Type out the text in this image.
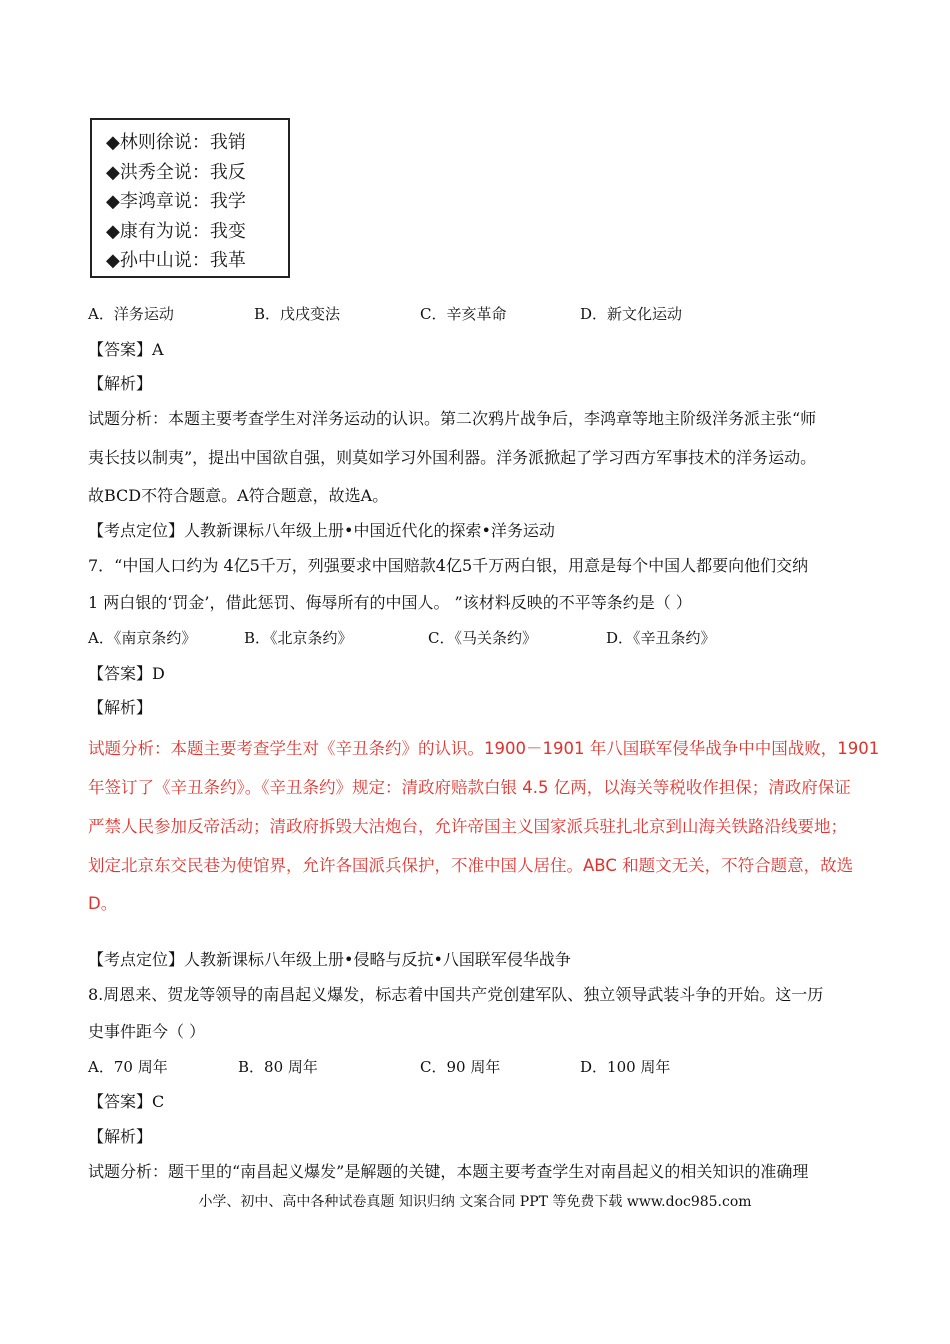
◆林则徐说：我销
◆洪秀全说：我反
◆李鸿章说：我学
◆康有为说：我变
◆孙中山说：我革
A．洋务运动	B．戊戌变法	C．辛亥革命	D．新文化运动
【答案】A
【解析】
试题分析：本题主要考查学生对洋务运动的认识。第二次鸦片战争后，李鸿章等地主阶级洋务派主张“师
夷长技以制夷”，提出中国欲自强，则莫如学习外国利器。洋务派掀起了学习西方军事技术的洋务运动。
故BCD不符合题意。A符合题意，故选A。
【考点定位】人教新课标八年级上册•中国近代化的探索•洋务运动
7．“中国人口约为 4亿5千万，列强要求中国赔款4亿5千万两白银，用意是每个中国人都要向他们交纳
1 两白银的‘罚金’，借此惩罚、侮辱所有的中国人。 ”该材料反映的不平等条约是（ ）
A．《南京条约》	B．《北京条约》	C．《马关条约》	D．《辛丑条约》
【答案】D
【解析】
试题分析：本题主要考查学生对《辛丑条约》的认识。1900－1901 年八国联军侵华战争中中国战败，1901
年签订了《辛丑条约》。《辛丑条约》规定：清政府赔款白银 4.5 亿两，以海关等税收作担保；清政府保证
严禁人民参加反帝活动；清政府拆毁大沽炮台，允许帝国主义国家派兵驻扎北京到山海关铁路沿线要地；
划定北京东交民巷为使馆界，允许各国派兵保护，不准中国人居住。ABC 和题文无关，不符合题意，故选
D。
【考点定位】人教新课标八年级上册•侵略与反抗•八国联军侵华战争
8.周恩来、贺龙等领导的南昌起义爆发，标志着中国共产党创建军队、独立领导武装斗争的开始。这一历
史事件距今（ ）
A．70 周年	B．80 周年	C．90 周年	D．100 周年
【答案】C
【解析】
试题分析：题干里的“南昌起义爆发”是解题的关键，本题主要考查学生对南昌起义的相关知识的准确理
小学、初中、高中各种试卷真题 知识归纳 文案合同 PPT 等免费下载 www.doc985.com
